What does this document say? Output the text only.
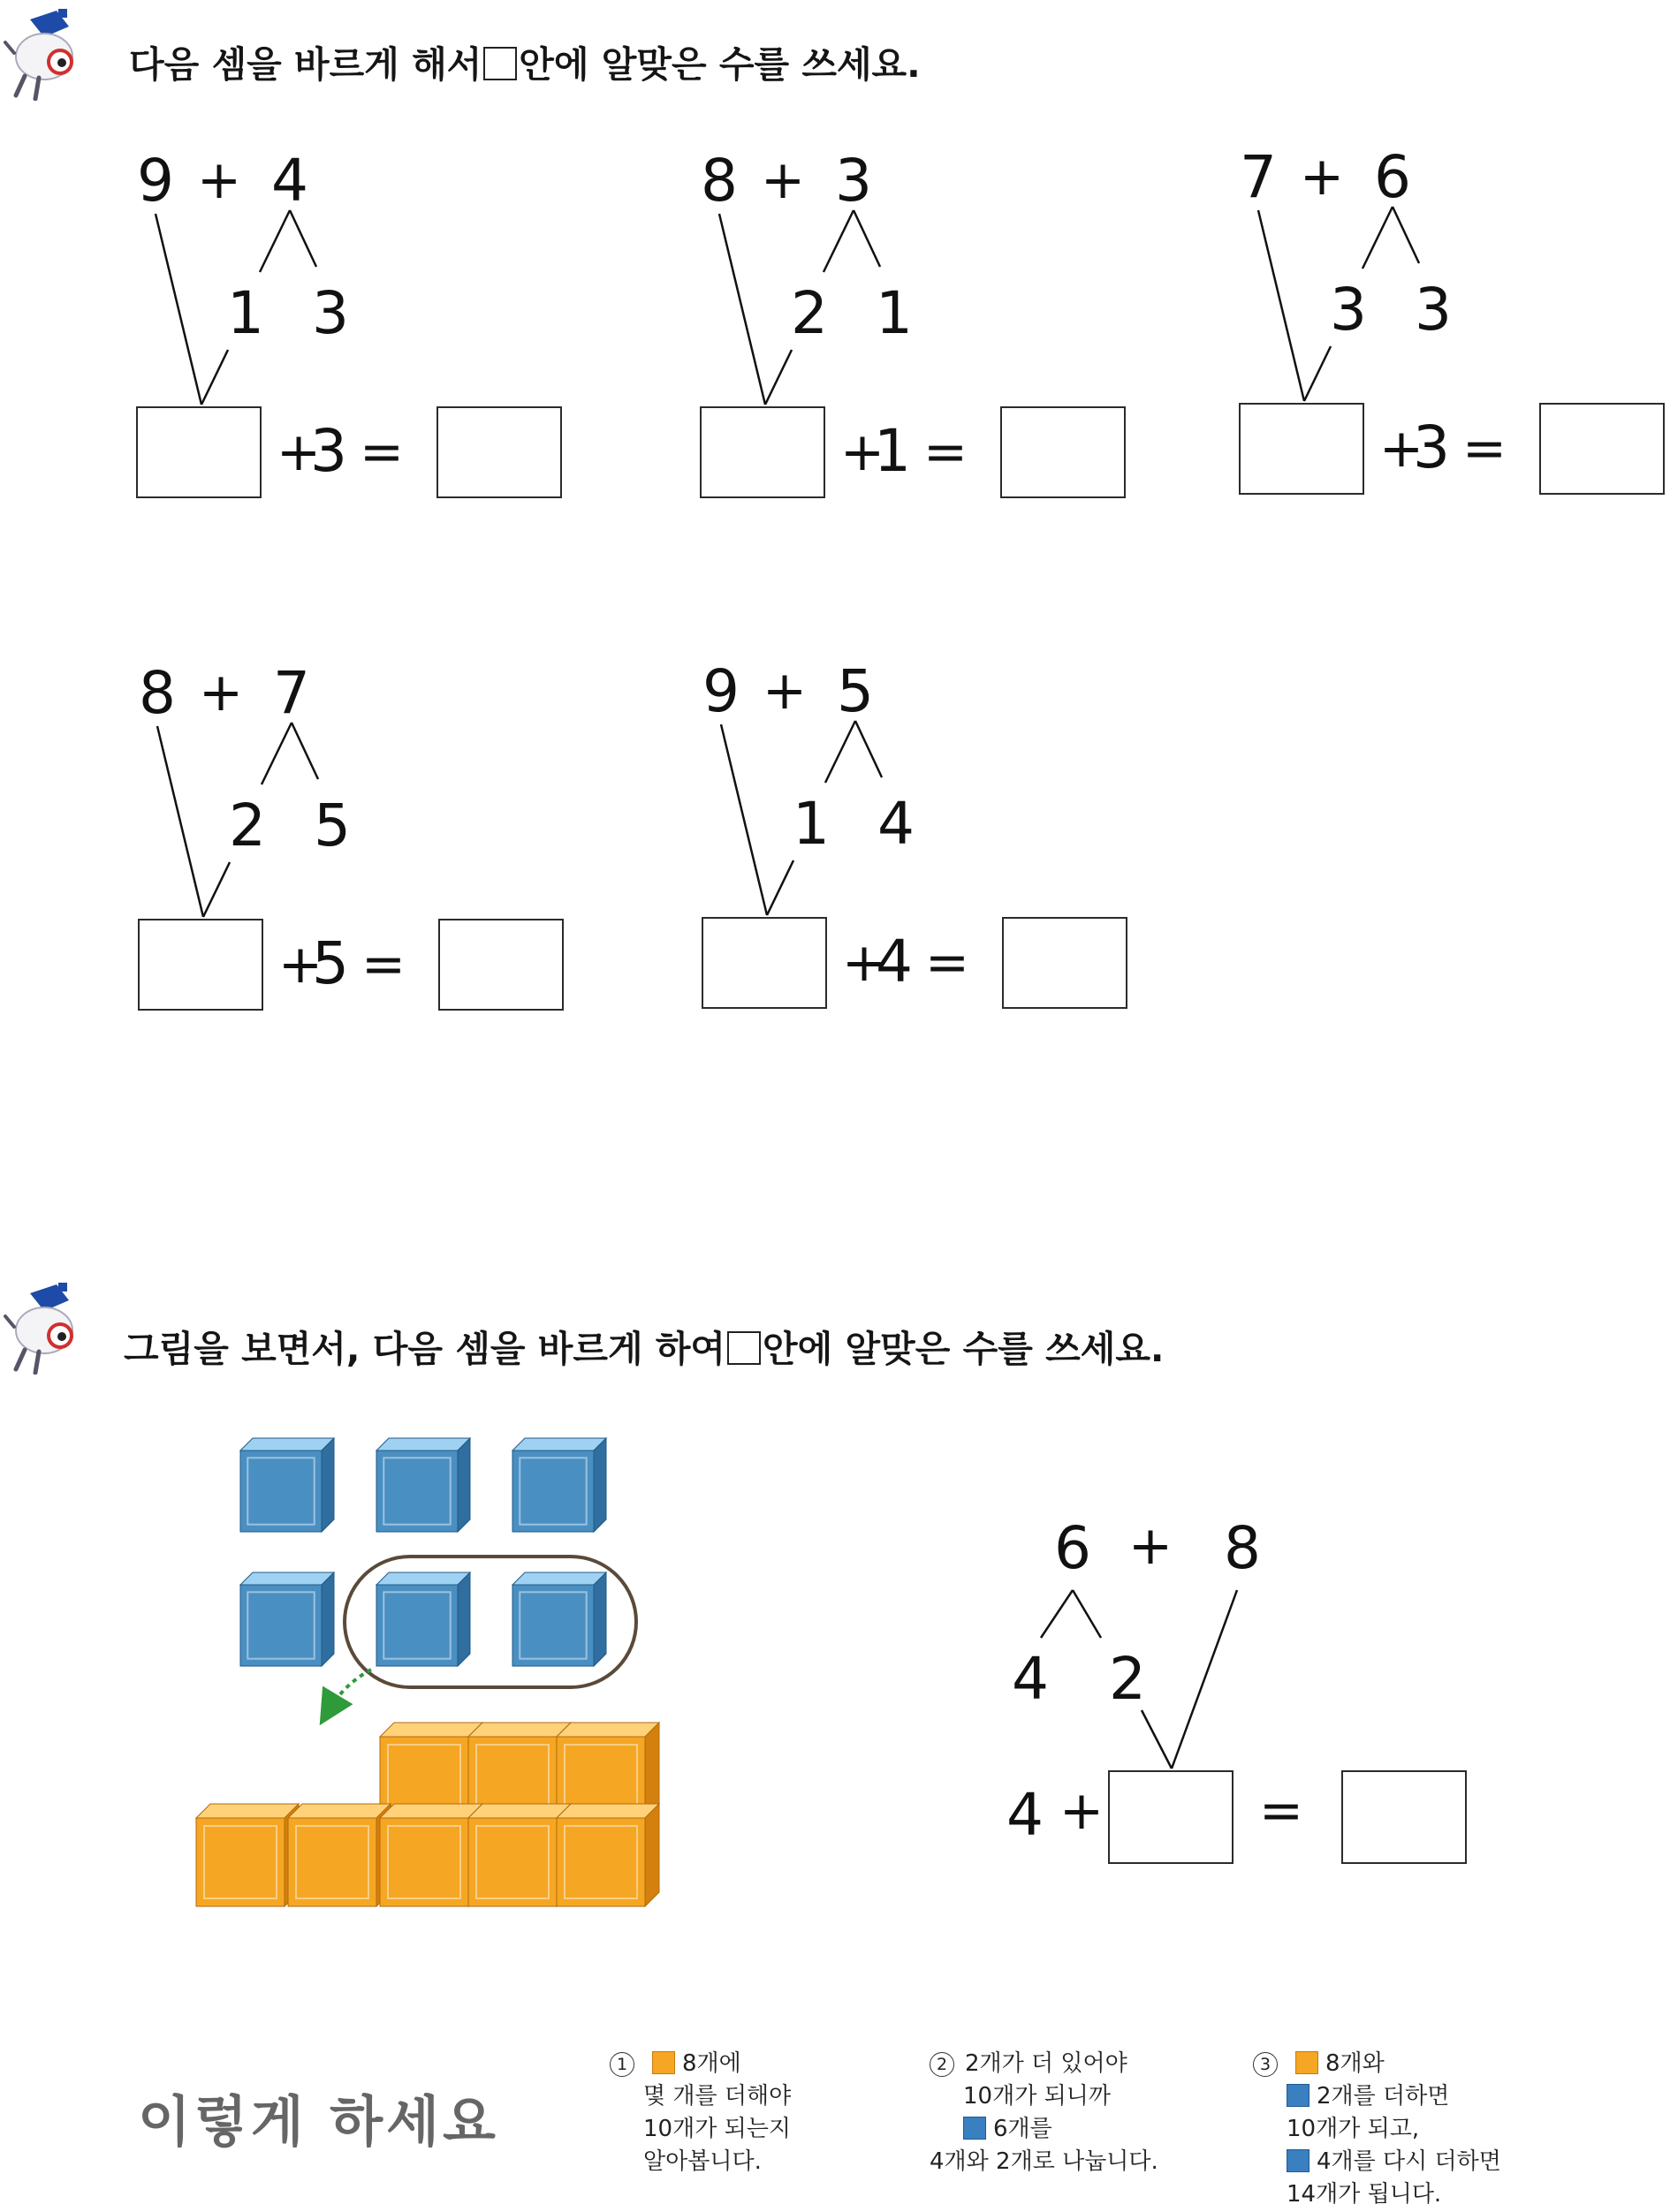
다음 셈을 바르게 해서 안에 알맞은 수를 쓰세요.
9 + 4
1 3
+
3 =
8 + 3
2 1
+
1 =
7 + 6
3 3
+
3 =
8 + 7
2 5
+
5 =
9 + 5
1 4
+
4 =
그림을 보면서, 다음 셈을 바르게 하여 안에 알맞은 수를 쓰세요.
6 + 8
4 2
4 +	=
이렇게 하세요
1 8개에
몇 개를 더해야
10개가 되는지
알아봅니다.
2 2개가 더 있어야
10개가 되니까
6개를
4개와 2개로 나눕니다.
3 8개와
2개를 더하면
10개가 되고,
4개를 다시 더하면
14개가 됩니다.
